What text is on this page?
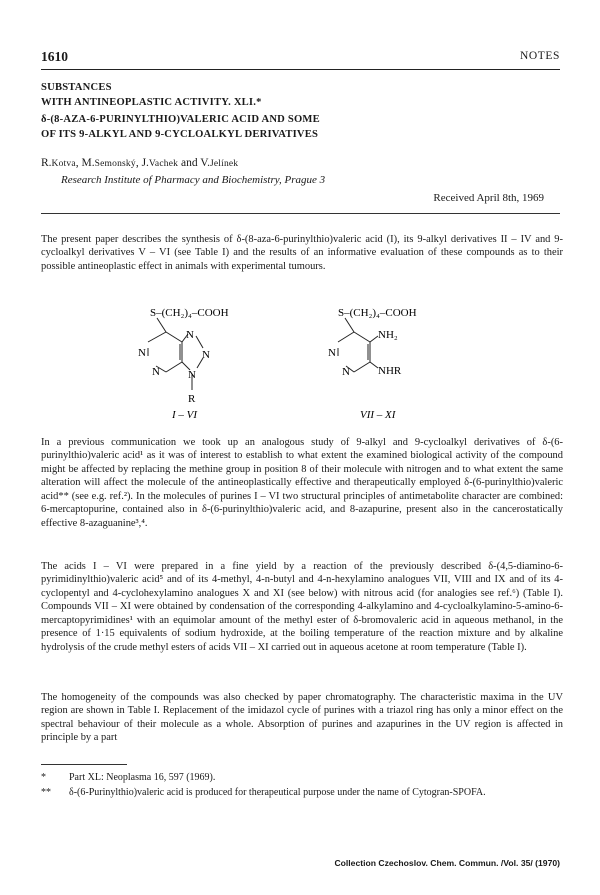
1610	NOTES
SUBSTANCES
WITH ANTINEOPLASTIC ACTIVITY. XLI.*
δ-(8-AZA-6-PURINYLTHIO)VALERIC ACID AND SOME
OF ITS 9-ALKYL AND 9-CYCLOALKYL DERIVATIVES
R.Kotva, M.Semonský, J.Vachek and V.Jelínek
Research Institute of Pharmacy and Biochemistry, Prague 3
Received April 8th, 1969

The present paper describes the synthesis of δ-(8-aza-6-purinylthio)valeric acid (I), its 9-alkyl derivatives II – IV and 9-cycloalkyl derivatives V – VI (see Table I) and the results of an informative evaluation of these compounds as to their possible antineoplastic effect in animals with experimental tumours.

S–(CH₂)₄–COOH
N
N	N
N	N
R
I – VI
S–(CH₂)₄–COOH
NH₂
N
N	NHR
VII – XI

In a previous communication we took up an analogous study of 9-alkyl and 9-cycloalkyl derivatives of δ-(6-purinylthio)valeric acid¹ as it was of interest to establish to what extent the examined biological activity of the compound might be affected by replacing the methine group in position 8 of their molecule with nitrogen and to what extent the same alteration will affect the molecule of the antineoplastically effective and therapeutically employed δ-(6-purinylthio)valeric acid** (see e.g. ref.²). In the molecules of purines I – VI two structural principles of antimetabolite character are combined: 6-mercaptopurine, contained also in δ-(6-purinylthio)valeric acid, and 8-azapurine, present also in the cancerostatically effective 8-azaguanine³,⁴.

The acids I – VI were prepared in a fine yield by a reaction of the previously described δ-(4,5-diamino-6-pyrimidinylthio)valeric acid⁵ and of its 4-methyl, 4-n-butyl and 4-n-hexylamino analogues VII, VIII and IX and of its 4-cyclopentyl and 4-cyclohexylamino analogues X and XI (see below) with nitrous acid (for analogies see ref.⁶) (Table I). Compounds VII – XI were obtained by condensation of the corresponding 4-alkylamino and 4-cycloalkylamino-5-amino-6-mercaptopyrimidines¹ with an equimolar amount of the methyl ester of δ-bromovaleric acid in aqueous methanol, in the presence of 1·15 equivalents of sodium hydroxide, at the boiling temperature of the reaction mixture and by alkaline hydrolysis of the crude methyl esters of acids VII – XI carried out in aqueous acetone at room temperature (Table I).

The homogeneity of the compounds was also checked by paper chromatography. The characteristic maxima in the UV region are shown in Table I. Replacement of the imidazol cycle of purines with a triazol ring has only a minor effect on the spectral behaviour of their molecule as a whole. Absorption of purines and azapurines in the UV region is affected in principle by a part

* Part XL: Neoplasma 16, 597 (1969).
** δ-(6-Purinylthio)valeric acid is produced for therapeutical purpose under the name of Cytogran-SPOFA.
Collection Czechoslov. Chem. Commun. /Vol. 35/ (1970)
